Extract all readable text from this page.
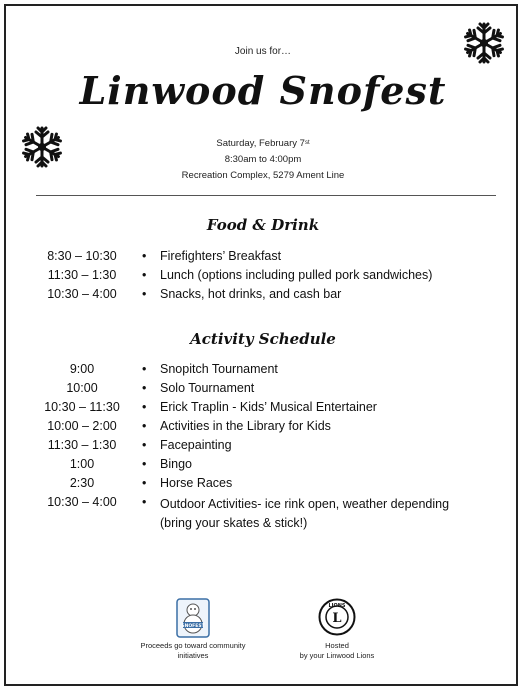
Join us for…
Linwood Snofest
Saturday, February 7st
8:30am to 4:00pm
Recreation Complex, 5279 Ament Line
Food & Drink
8:30 – 10:30	• Firefighters’ Breakfast
11:30 – 1:30	• Lunch (options including pulled pork sandwiches)
10:30 – 4:00	• Snacks, hot drinks, and cash bar
Activity Schedule
9:00	• Snopitch Tournament
10:00	• Solo Tournament
10:30 – 11:30	• Erick Traplin - Kids’ Musical Entertainer
10:00 – 2:00	• Activities in the Library for Kids
11:30 – 1:30	• Facepainting
1:00	• Bingo
2:30	• Horse Races
10:30 – 4:00	• Outdoor Activities- ice rink open, weather depending (bring your skates & stick!)
SNOFEST
Proceeds go toward community
initiatives
LIONS
L
Hosted
by your Linwood Lions
